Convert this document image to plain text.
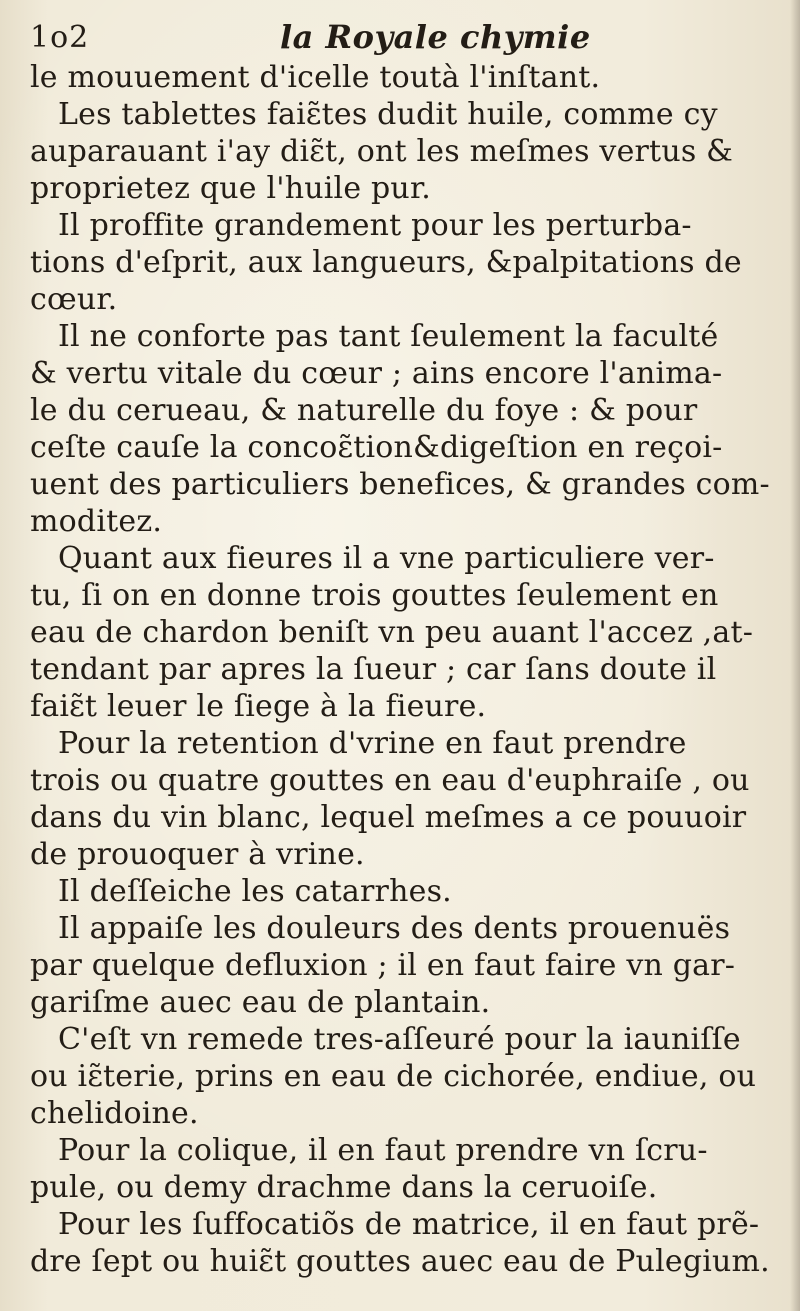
1o2	la Royale chymie
le mouuement d'icelle toutà l'inſtant.
Les tablettes faiɛ̃tes dudit huile, comme cy
auparauant i'ay diɛ̃t, ont les meſmes vertus &
proprietez que l'huile pur.
Il proffite grandement pour les perturba-
tions d'eſprit, aux langueurs, &palpitations de
cœur.
Il ne conforte pas tant ſeulement la faculté
& vertu vitale du cœur ; ains encore l'anima-
le du cerueau, & naturelle du foye : & pour
ceſte cauſe la concoɛ̃tion&digeſtion en reçoi-
uent des particuliers benefices, & grandes com-
moditez.
Quant aux fieures il a vne particuliere ver-
tu, ſi on en donne trois gouttes ſeulement en
eau de chardon beniſt vn peu auant l'accez ,at-
tendant par apres la ſueur ; car ſans doute il
faiɛ̃t leuer le ſiege à la fieure.
Pour la retention d'vrine en faut prendre
trois ou quatre gouttes en eau d'euphraiſe , ou
dans du vin blanc, lequel meſmes a ce pouuoir
de prouoquer à vrine.
Il deſſeiche les catarrhes.
Il appaiſe les douleurs des dents prouenuës
par quelque defluxion ; il en faut faire vn gar-
gariſme auec eau de plantain.
C'eſt vn remede tres-aſſeuré pour la iauniſſe
ou iɛ̃terie, prins en eau de cichorée, endiue, ou
chelidoine.
Pour la colique, il en faut prendre vn ſcru-
pule, ou demy drachme dans la ceruoiſe.
Pour les ſuffocatiõs de matrice, il en faut prẽ-
dre ſept ou huiɛ̃t gouttes auec eau de Pulegium.
